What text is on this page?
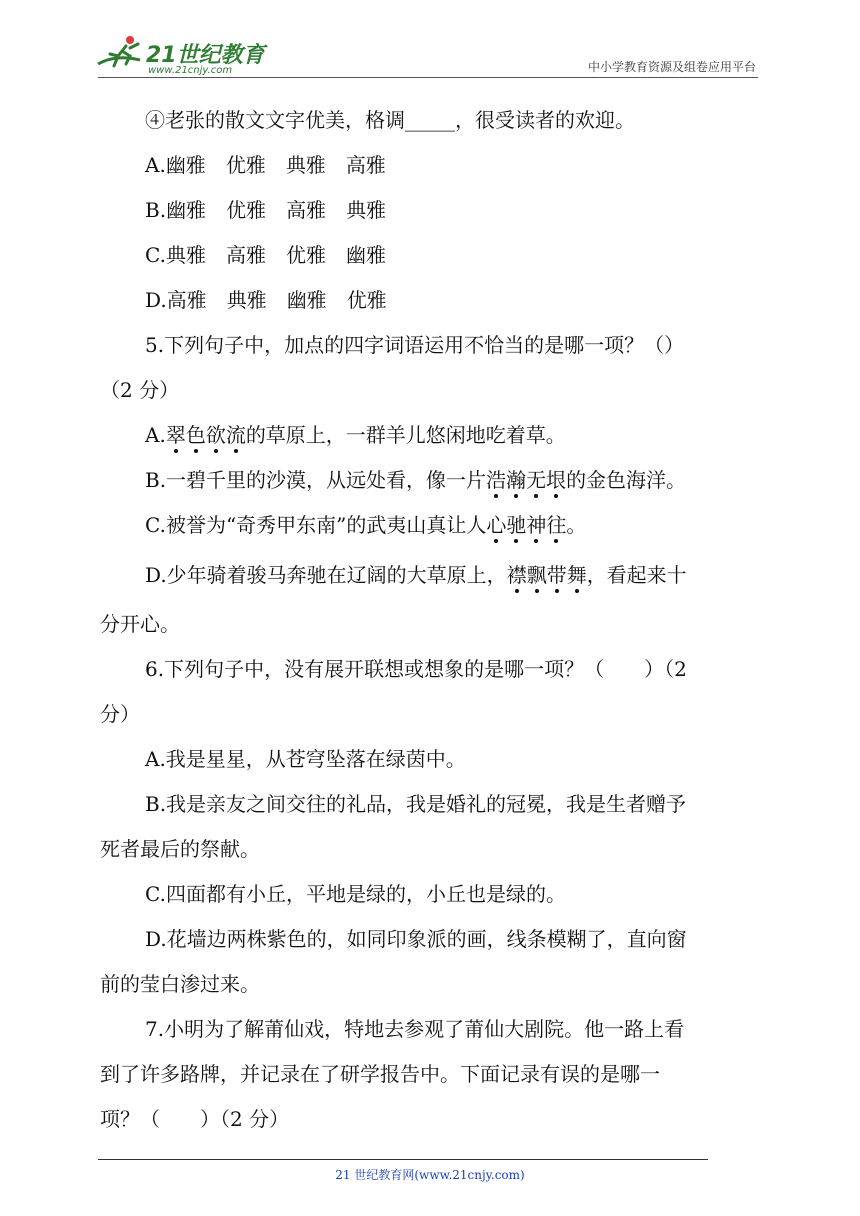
21世纪教育
www.21cnjy.com	中小学教育资源及组卷应用平台
④老张的散文文字优美，格调_____，很受读者的欢迎。
A.幽雅 优雅 典雅 高雅
B.幽雅 优雅 高雅 典雅
C.典雅 高雅 优雅 幽雅
D.高雅 典雅 幽雅 优雅
5.下列句子中，加点的四字词语运用不恰当的是哪一项？（）
（2 分）
A.翠色欲流的草原上，一群羊儿悠闲地吃着草。
B.一碧千里的沙漠，从远处看，像一片浩瀚无垠的金色海洋。
C.被誉为“奇秀甲东南”的武夷山真让人心驰神往。
D.少年骑着骏马奔驰在辽阔的大草原上，襟飘带舞，看起来十
分开心。
6.下列句子中，没有展开联想或想象的是哪一项？（　　）（2
分）
A.我是星星，从苍穹坠落在绿茵中。
B.我是亲友之间交往的礼品，我是婚礼的冠冕，我是生者赠予
死者最后的祭献。
C.四面都有小丘，平地是绿的，小丘也是绿的。
D.花墙边两株紫色的，如同印象派的画，线条模糊了，直向窗
前的莹白渗过来。
7.小明为了解莆仙戏，特地去参观了莆仙大剧院。他一路上看
到了许多路牌，并记录在了研学报告中。下面记录有误的是哪一
项？（　　）（2 分）
21 世纪教育网(www.21cnjy.com)
